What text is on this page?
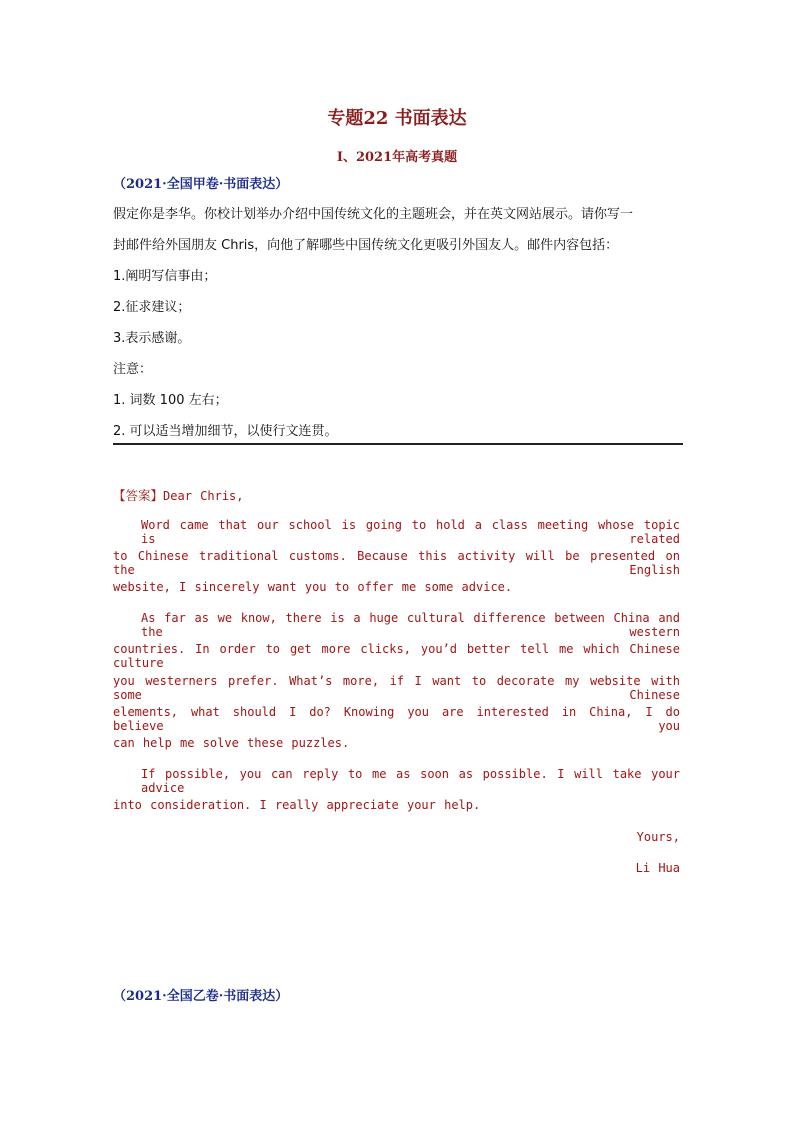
专题22 书面表达
I、2021年高考真题
（2021·全国甲卷·书面表达）
假定你是李华。你校计划举办介绍中国传统文化的主题班会，并在英文网站展示。请你写一
封邮件给外国朋友 Chris，向他了解哪些中国传统文化更吸引外国友人。邮件内容包括：
1.阐明写信事由；
2.征求建议；
3.表示感谢。
注意：
1. 词数 100 左右；
2. 可以适当增加细节，以使行文连贯。
【答案】Dear Chris,
Word came that our school is going to hold a class meeting whose topic is related
to Chinese traditional customs. Because this activity will be presented on the English
website, I sincerely want you to offer me some advice.
As far as we know, there is a huge cultural difference between China and the western
countries. In order to get more clicks, you’d better tell me which Chinese culture
you westerners prefer. What’s more, if I want to decorate my website with some Chinese
elements, what should I do? Knowing you are interested in China, I do believe you
can help me solve these puzzles.
If possible, you can reply to me as soon as possible. I will take your advice
into consideration. I really appreciate your help.
Yours,
Li Hua
（2021·全国乙卷·书面表达）
